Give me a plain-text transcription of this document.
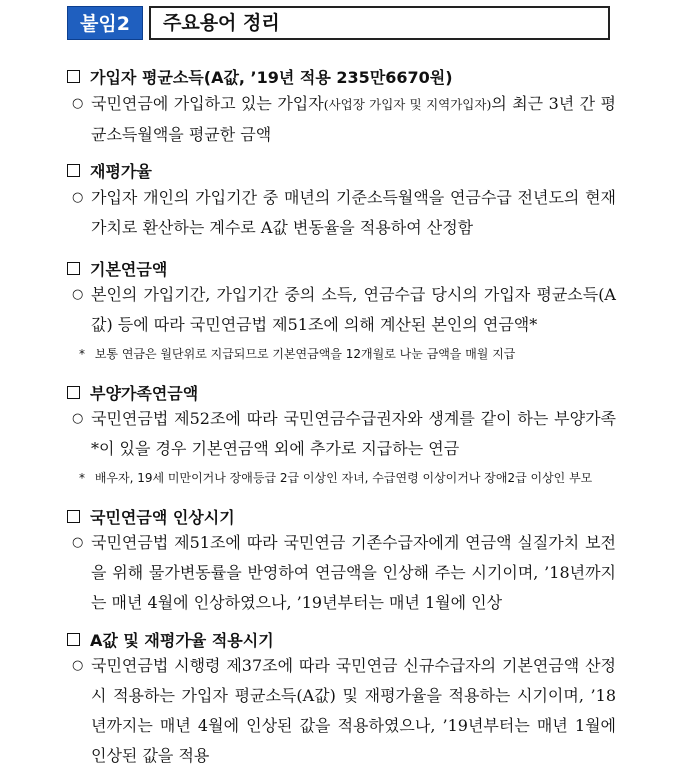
붙임2	주요용어 정리
가입자 평균소득(A값, ’19년 적용 235만6670원)
○ 국민연금에 가입하고 있는 가입자(사업장 가입자 및 지역가입자)의 최근 3년 간 평균소득월액을 평균한 금액
재평가율
○ 가입자 개인의 가입기간 중 매년의 기준소득월액을 연금수급 전년도의 현재가치로 환산하는 계수로 A값 변동율을 적용하여 산정함
기본연금액
○ 본인의 가입기간, 가입기간 중의 소득, 연금수급 당시의 가입자 평균소득(A값) 등에 따라 국민연금법 제51조에 의해 계산된 본인의 연금액*
* 보통 연금은 월단위로 지급되므로 기본연금액을 12개월로 나눈 금액을 매월 지급
부양가족연금액
○ 국민연금법 제52조에 따라 국민연금수급권자와 생계를 같이 하는 부양가족*이 있을 경우 기본연금액 외에 추가로 지급하는 연금
* 배우자, 19세 미만이거나 장애등급 2급 이상인 자녀, 수급연령 이상이거나 장애2급 이상인 부모
국민연금액 인상시기
○ 국민연금법 제51조에 따라 국민연금 기존수급자에게 연금액 실질가치 보전을 위해 물가변동률을 반영하여 연금액을 인상해 주는 시기이며, ’18년까지는 매년 4월에 인상하였으나, ’19년부터는 매년 1월에 인상
A값 및 재평가율 적용시기
○ 국민연금법 시행령 제37조에 따라 국민연금 신규수급자의 기본연금액 산정 시 적용하는 가입자 평균소득(A값) 및 재평가율을 적용하는 시기이며, ’18년까지는 매년 4월에 인상된 값을 적용하였으나, ’19년부터는 매년 1월에 인상된 값을 적용
